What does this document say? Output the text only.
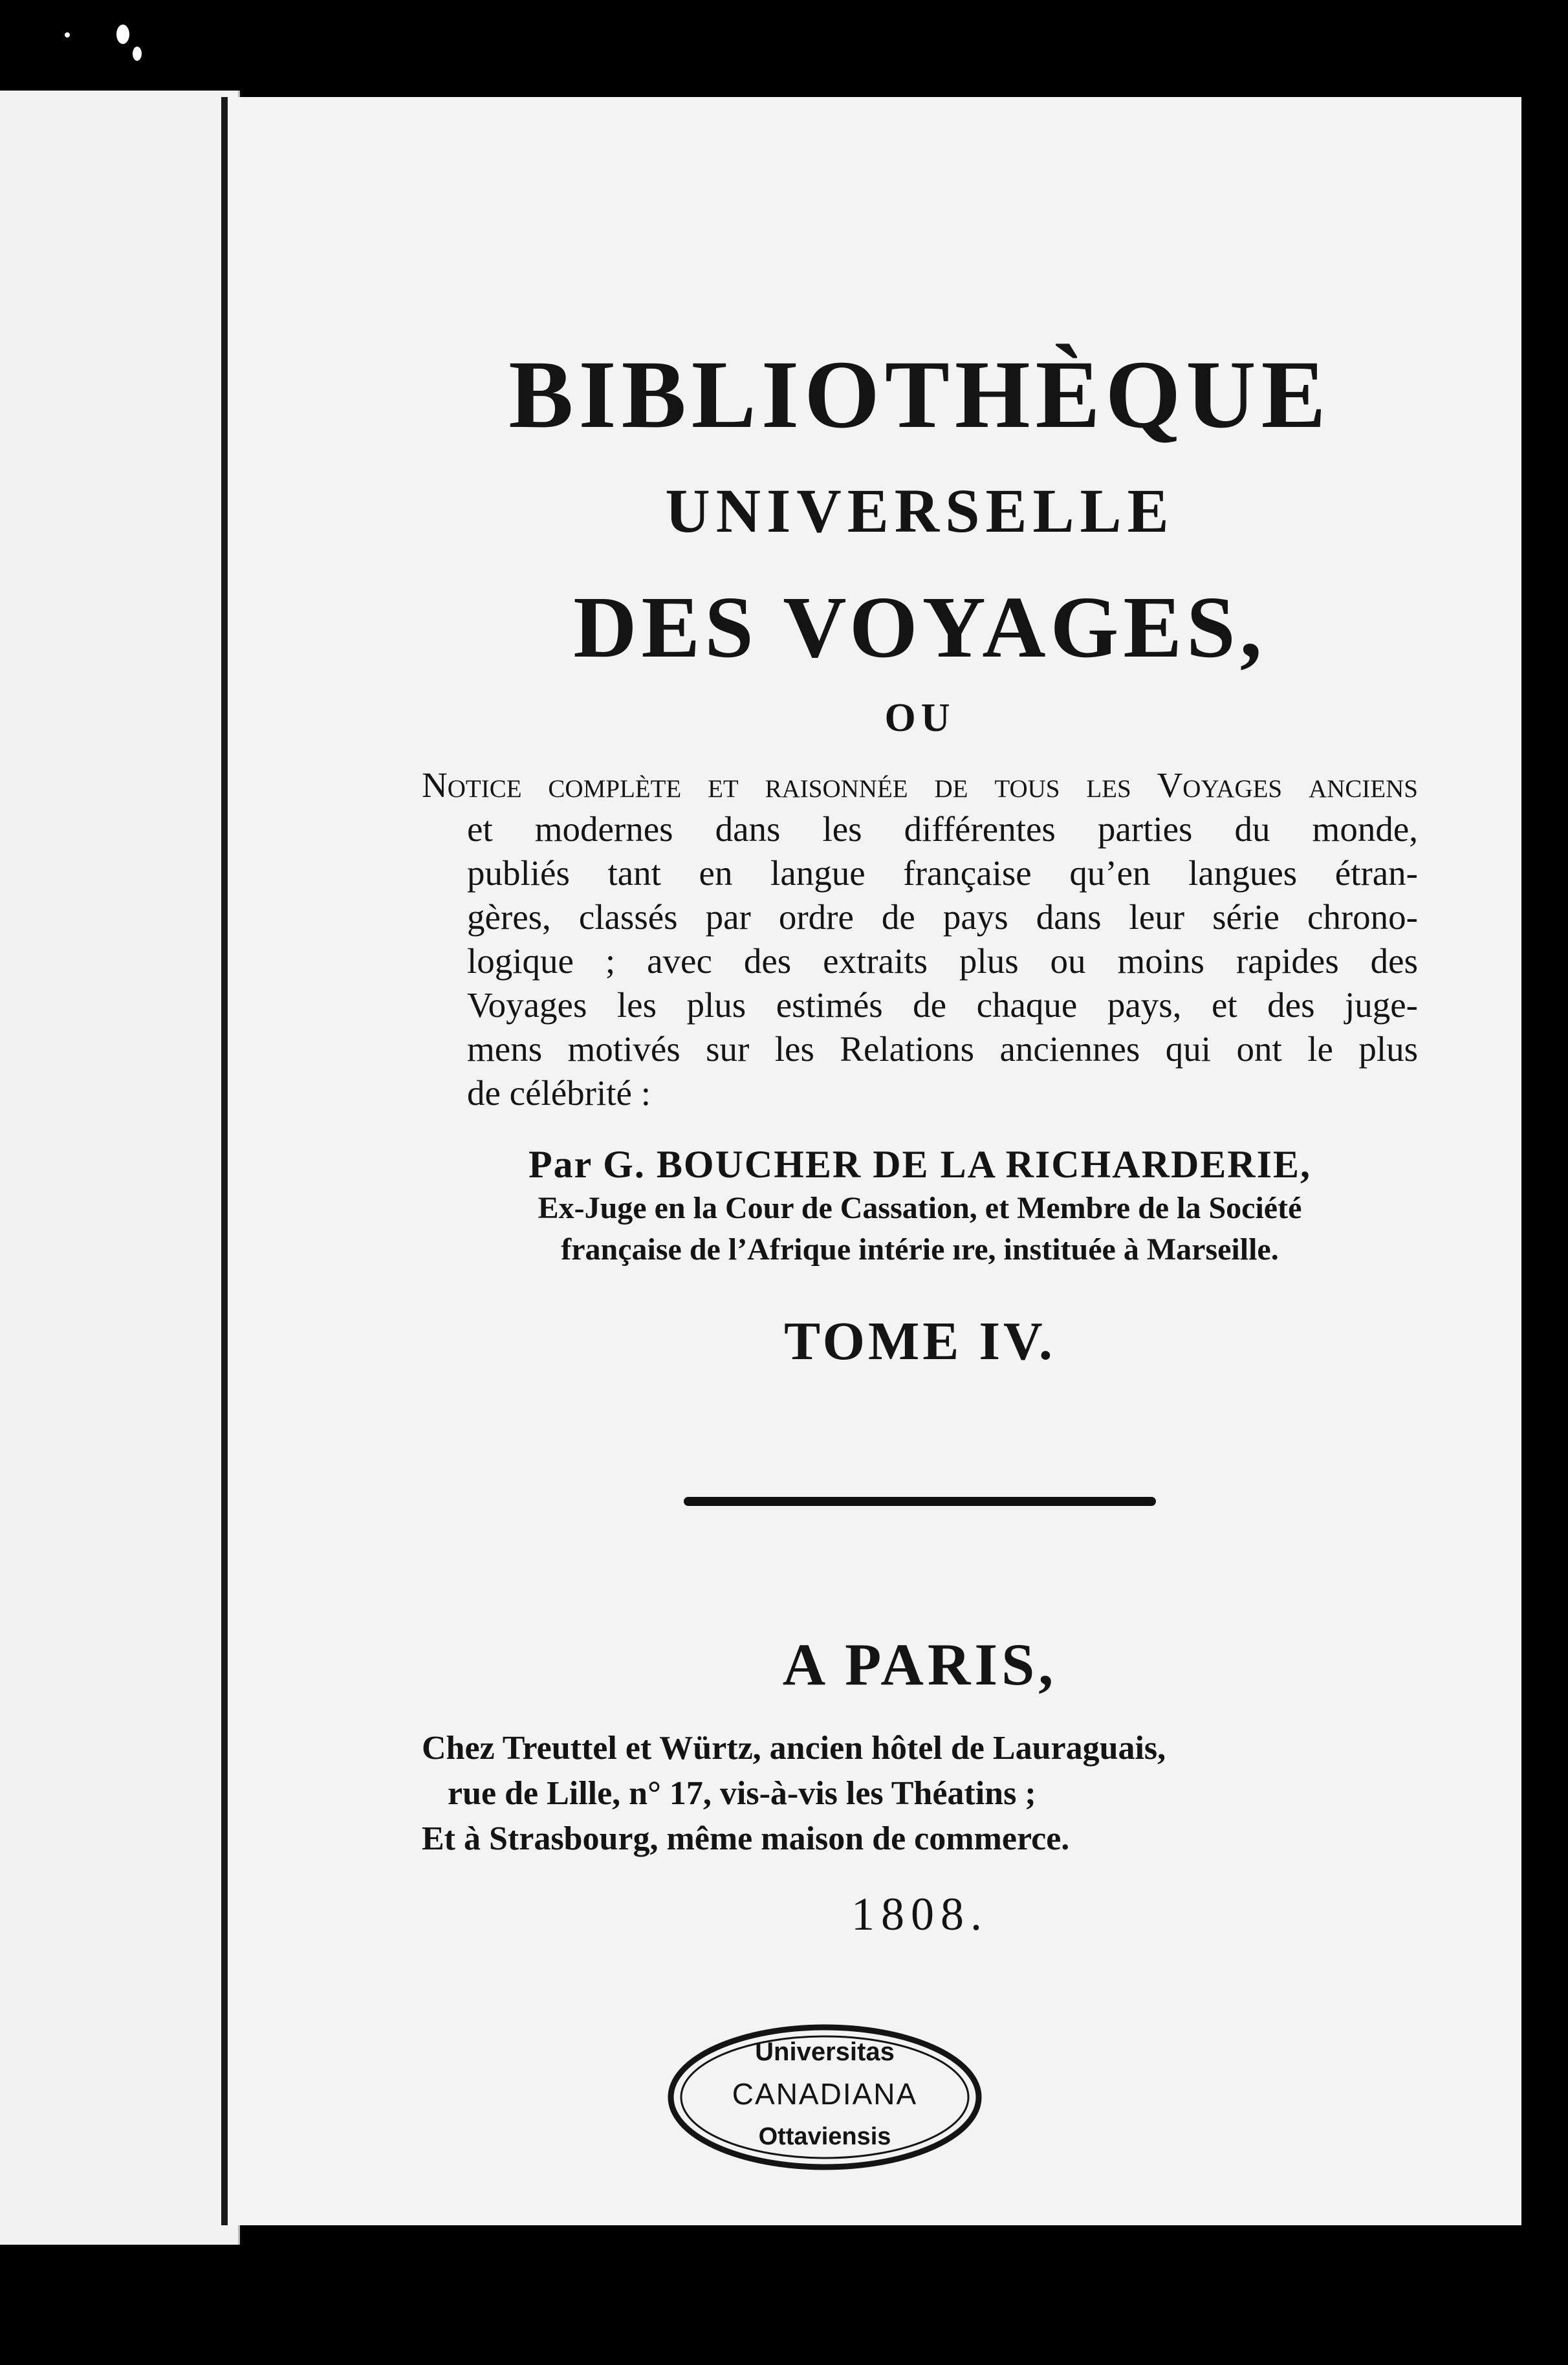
BIBLIOTHÈQUE

UNIVERSELLE

DES VOYAGES,

OU

Notice complète et raisonnée de tous les Voyages anciens
et modernes dans les différentes parties du monde,
publiés tant en langue française qu’en langues étran-
gères, classés par ordre de pays dans leur série chrono-
logique ; avec des extraits plus ou moins rapides des
Voyages les plus estimés de chaque pays, et des juge-
mens motivés sur les Relations anciennes qui ont le plus
de célébrité :

Par G. BOUCHER DE LA RICHARDERIE,

Ex-Juge en la Cour de Cassation, et Membre de la Société

française de l’Afrique intérie ıre, instituée à Marseille.

TOME IV.

A PARIS,

Chez Treuttel et Würtz, ancien hôtel de Lauraguais,

rue de Lille, n° 17, vis-à-vis les Théatins ;

Et à Strasbourg, même maison de commerce.

1808.

Universitas
CANADIANA
Ottaviensis
